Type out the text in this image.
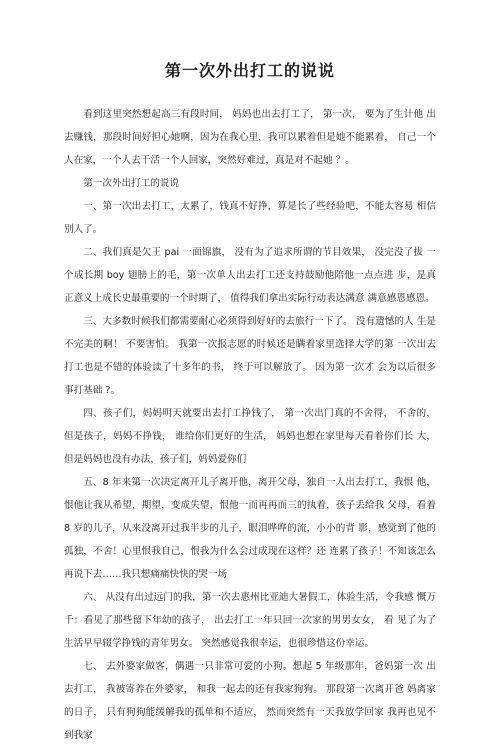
第一次外出打工的说说

看到这里突然想起高三有段时间， 妈妈也出去打工了， 第一次， 要为了生计他 出去赚钱，那段时间好担心她啊，因为在我心里，我可以累着但是她不能累着， 自己一个人在家，一个人去干活一个人回家，突然好难过，真是对不起她 ？。

第一次外出打工的说说

一、第一次出去打工，太累了，钱真不好挣，算是长了些经验吧，不能太容易 相信别人了。

二、我们真是欠王 pai 一面锦旗， 没有为了追求所谓的节目效果， 没完没了拔 一个成长期 boy 翅膀上的毛，第一次单人出去打工还支持鼓励他陪他一点点进 步，是真正意义上成长史最重要的一个时期了， 值得我们拿出实际行动表达满意 满意感恩感恩。

三、大多数时候我们都需要耐心必须得到好好的去旅行一下了。 没有遗憾的人 生是不完美的啊！ 不要害怕。 我第一次报志愿的时候还是瞒着家里选择大学的第 一次出去打工也是不错的体验读了十多年的书， 终于可以解放了。 因为第一次才 会为以后很多事打基础 ?。

四、孩子们，妈妈明天就要出去打工挣钱了， 第一次出门真的不舍得， 不舍的， 但是孩子，妈妈不挣钱， 谁给你们更好的生活， 妈妈也想在家里每天看着你们长 大，但是妈妈也没有办法，孩子们，妈妈爱你们

五、8 年来第一次决定离开儿子离开他，离开父母，独自一人出去打工，我恨 他，恨他让我从希望，期望，变成失望，恨他一而再再而三的执着，孩子丢给我 父母，看着 8 岁的儿子，从来没离开过我半步的儿子，眼泪哗哗的流，小小的背 影，感觉到了他的孤独，不舍！心里恨我自己，恨我为什么会过成现在这样？还 连累了孩子！不知该怎么再说下去……我只想痛痛快快的哭一场

六、 从没有出过远门的我，第一次去惠州比亚迪大暑假工，体验生活，令我感 慨万千：看见了那些留下年幼的孩子， 出去打工一年只回一次家的男男女女， 看 见了为了生活早早辍学挣钱的青年男女。 突然感觉我很幸运，也很珍惜这份幸运。

七、 去外婆家做客，偶遇一只非常可爱的小狗。想起 5 年级那年，爸妈第一次 出去打工， 我被寄养在外婆家， 和我一起去的还有我家狗狗。 那段第一次离开爸 妈离家的日子， 只有狗狗能缓解我的孤单和不适应， 然而突然有一天我放学回家 我再也见不到我家
